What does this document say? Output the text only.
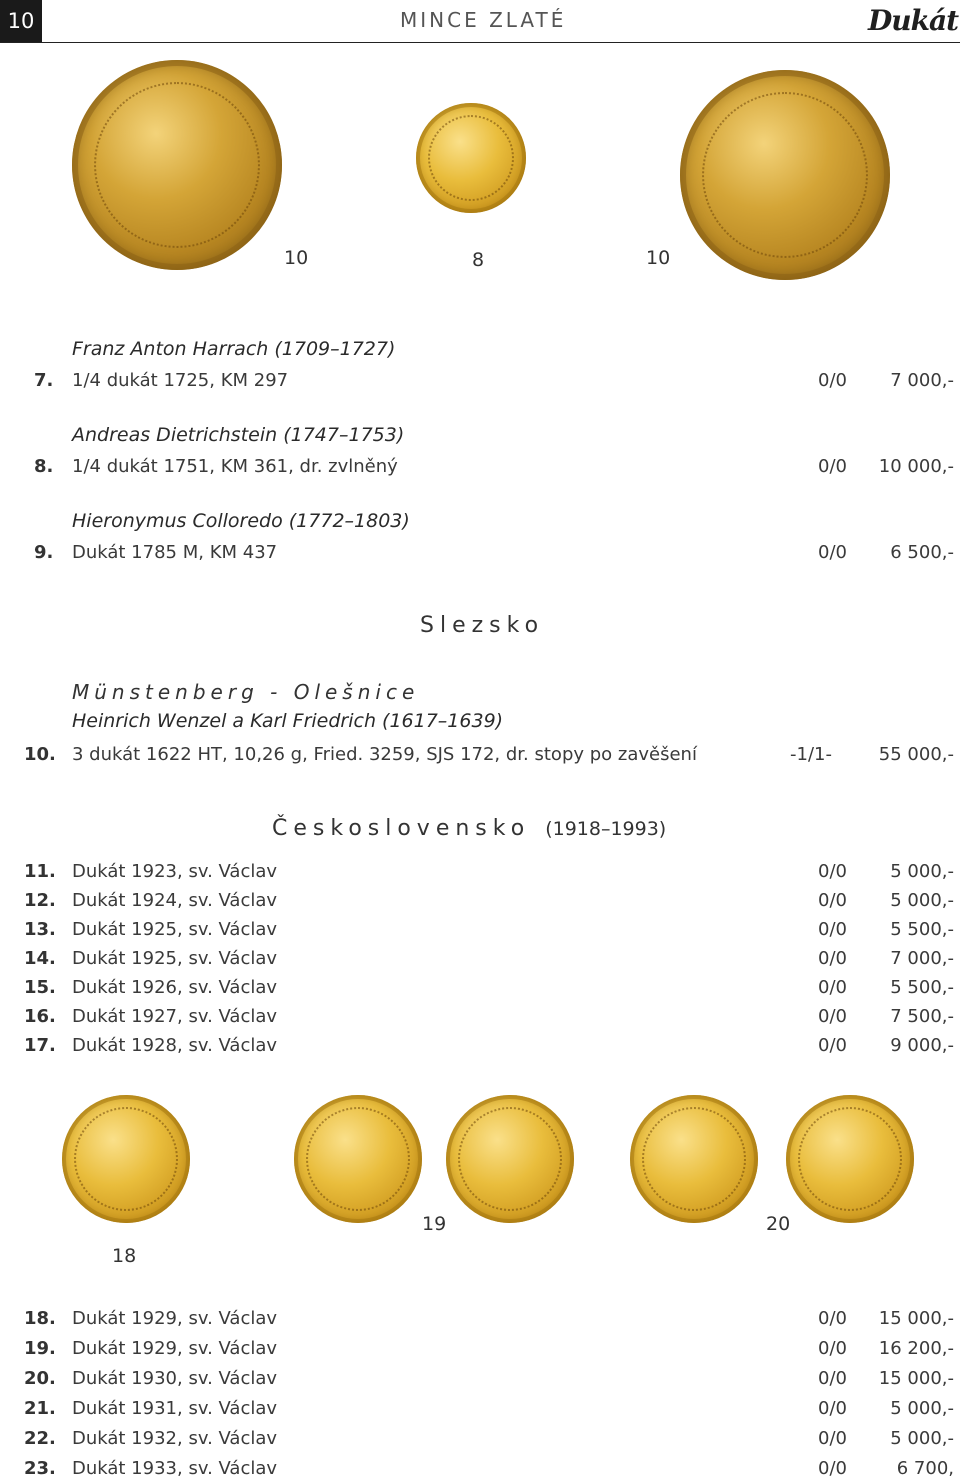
10	MINCE ZLATÉ	Dukát
10	8	10
Franz Anton Harrach (1709–1727)
7. 1/4 dukát 1725, KM 297	0/0	7 000,-
Andreas Dietrichstein (1747–1753)
8. 1/4 dukát 1751, KM 361, dr. zvlněný	0/0	10 000,-
Hieronymus Colloredo (1772–1803)
9. Dukát 1785 M, KM 437	0/0	6 500,-
Slezsko
Münstenberg - Olešnice
Heinrich Wenzel a Karl Friedrich (1617–1639)
10. 3 dukát 1622 HT, 10,26 g, Fried. 3259, SJS 172, dr. stopy po zavěšení	-1/1-	55 000,-
Československo (1918–1993)
11. Dukát 1923, sv. Václav	0/0	5 000,-
12. Dukát 1924, sv. Václav	0/0	5 000,-
13. Dukát 1925, sv. Václav	0/0	5 500,-
14. Dukát 1925, sv. Václav	0/0	7 000,-
15. Dukát 1926, sv. Václav	0/0	5 500,-
16. Dukát 1927, sv. Václav	0/0	7 500,-
17. Dukát 1928, sv. Václav	0/0	9 000,-
18
19	20
18. Dukát 1929, sv. Václav	0/0	15 000,-
19. Dukát 1929, sv. Václav	0/0	16 200,-
20. Dukát 1930, sv. Václav	0/0	15 000,-
21. Dukát 1931, sv. Václav	0/0	5 000,-
22. Dukát 1932, sv. Václav	0/0	5 000,-
23. Dukát 1933, sv. Václav	0/0	6 700,
